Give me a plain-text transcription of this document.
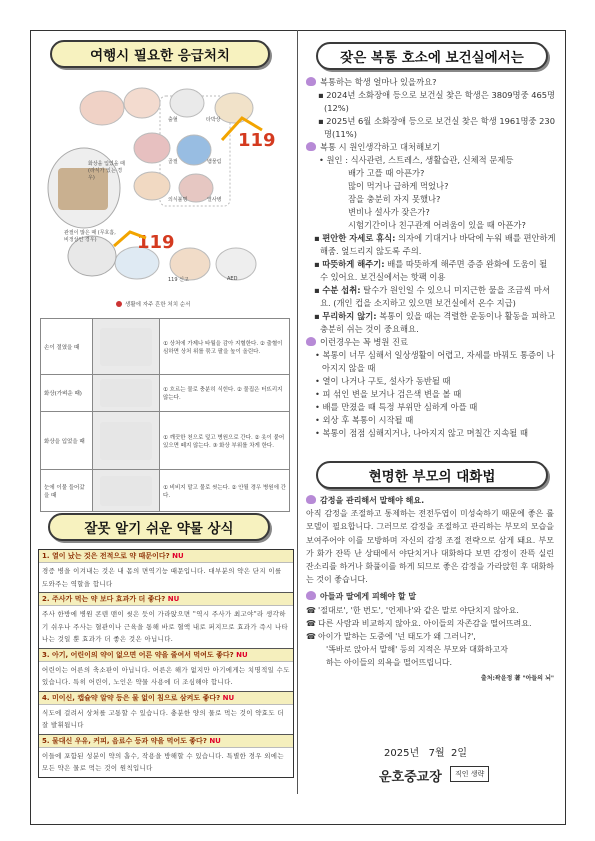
여행시 필요한 응급처치
119
119
화상을 입었을 때 (라식가 있는 경우)
출혈	타박상
골절	뱀물림
의식불명	열사병
관절이 많은 때 (무호흡, 비정상인 경우)
119 신고	AED
생활에 자주 흔한 처치 순서
손이 절였을 때		① 상처에 가제나 타월을 감아 지혈한다. ② 출혈이 심하면 상처 위를 묶고 팔을 높이 올린다.
화상(가벼운 때)		① 흐르는 물로 충분히 식힌다. ② 물집은 터뜨리지 않는다.
화상을 입었을 때		① 깨끗한 천으로 덮고 병원으로 간다. ② 옷이 붙어 있으면 떼지 않는다. ③ 화상 부위를 차게 한다.
눈에 이물 들어갔을 때		① 비비지 말고 물로 씻는다. ② 안될 경우 병원에 간다.
잘못 알기 쉬운 약물 상식
1. 열이 났는 것은 전적으로 약 때문이다? NU
경증 병을 이겨내는 것은 내 몸의 면역기능 때문입니다. 대부분의 약은 단지 이를 도와주는 역할을 합니다
2. 주사가 먹는 약 보다 효과가 더 좋다? NU
주사 한방에 병원 콘텐 맨이 씻은 듯이 가라앉으면 "역시 주사가 최고야"라 생각하기 쉬우나 주사는 혈관이나 근육을 통해 바로 혈액 내로 퍼지므로 효과가 즉시 나타나는 것일 뿐 효과가 더 좋은 것은 아닙니다.
3. 아기, 어린이의 약이 없으면 어른 약을 줄여서 먹여도 좋다? NU
어린이는 어른의 축소판이 아닙니다. 어른은 해가 없지만 아기에게는 치명적일 수도 있습니다. 특히 어린이, 노인은 약물 사용에 더 조심해야 합니다.
4. 미이신, 캡슐약 알약 등은 물 없이 침으로 삼켜도 좋다? NU
식도에 걸려서 상처를 고통할 수 있습니다. 충분한 양의 물로 먹는 것이 약효도 더 잘 발휘됩니다
5. 물대신 우유, 커피, 음료수 등과 약을 먹어도 좋다? NU
이들에 포함된 성분이 약의 흡수, 작용을 방해할 수 있습니다. 특별한 경우 외에는 모든 약은 물로 먹는 것이 원칙입니다
잦은 복통 호소에 보건실에서는

복통하는 학생 얼마나 있을까요?

▪ 2024년 소화장애 등으로 보건실 찾은 학생은 3809명중 465명(12%)

▪ 2025년 6월 소화장애 등으로 보건실 찾은 학생 1961명중 230명(11%)

복통 시 원인생각하고 대처해보기

• 원인 : 식사관련, 스트레스, 생활습관, 신체적 문제등

배가 고플 때 아픈가?

많이 먹거나 급하게 먹었나?

잠을 충분히 자지 못했나?

변비나 설사가 잦은가?

시험기간이나 친구관계 어려움이 있을 때 아픈가?

▪ 편안한 자세로 휴식: 의자에 기대거나 바닥에 누워 배를 편안하게 해줌. 엎드리지 않도록 주의.

▪ 따뜻하게 해주기: 배를 따뜻하게 해주면 증증 완화에 도움이 될 수 있어요. 보건실에서는 핫팩 이용

▪ 수분 섭취: 탈수가 원인일 수 있으니 미지근한 물을 조금씩 마셔요. (개인 컵을 소지하고 있으면 보건실에서 온수 지급)

▪ 무리하지 않기: 복통이 있을 때는 격렬한 운동이나 활동을 피하고 충분히 쉬는 것이 중요해요.

이런경우는 꼭 병원 진료

• 복통이 너무 심해서 일상생활이 어렵고, 자세를 바꿔도 통증이 나아지지 않을 때

• 열이 나거나 구토, 설사가 동반될 때

• 피 섞인 변을 보거나 검은색 변을 볼 때

• 배를 만졌을 때 특정 부위만 심하게 아플 때

• 외상 후 복통이 시작될 때

• 복통이 점점 심해지거나, 나아지지 않고 며칠간 지속될 때

현명한 부모의 대화법

감정을 관리해서 말해야 해요.

아직 감정을 조절하고 통제하는 전전두엽이 미성숙하기 때문에 좋은 롤 모델이 필요합니다. 그러므로 감정을 조절하고 관리하는 부모의 모습을 보여주어야 이를 모방하며 자신의 감정 조절 전략으로 삼게 돼요. 부모가 화가 잔뜩 난 상태에서 야단치거나 대화하다 보면 감정이 잔뜩 실린 잔소리를 하거나 화풀이를 하게 되므로 좋은 감정을 가라앉힌 후 대화하는 것이 좋습니다.

아들과 딸에게 피해야 할 말

☎ '절대로', '한 번도', '언제나'와 같은 말로 야단치지 않아요.

☎ 다른 사람과 비교하지 않아요. 아이들의 자존감을 떨어뜨려요.

☎ 아이가 말하는 도중에 '넌 태도가 왜 그러니?',

'똑바로 앉아서 말해' 등의 지적은 부모와 대화하고자

하는 아이들의 의욕을 떨어뜨립니다.

출처:곽윤정 著 "아들의 뇌"

2025년 7월 2일
운호중교장	직인 생략
